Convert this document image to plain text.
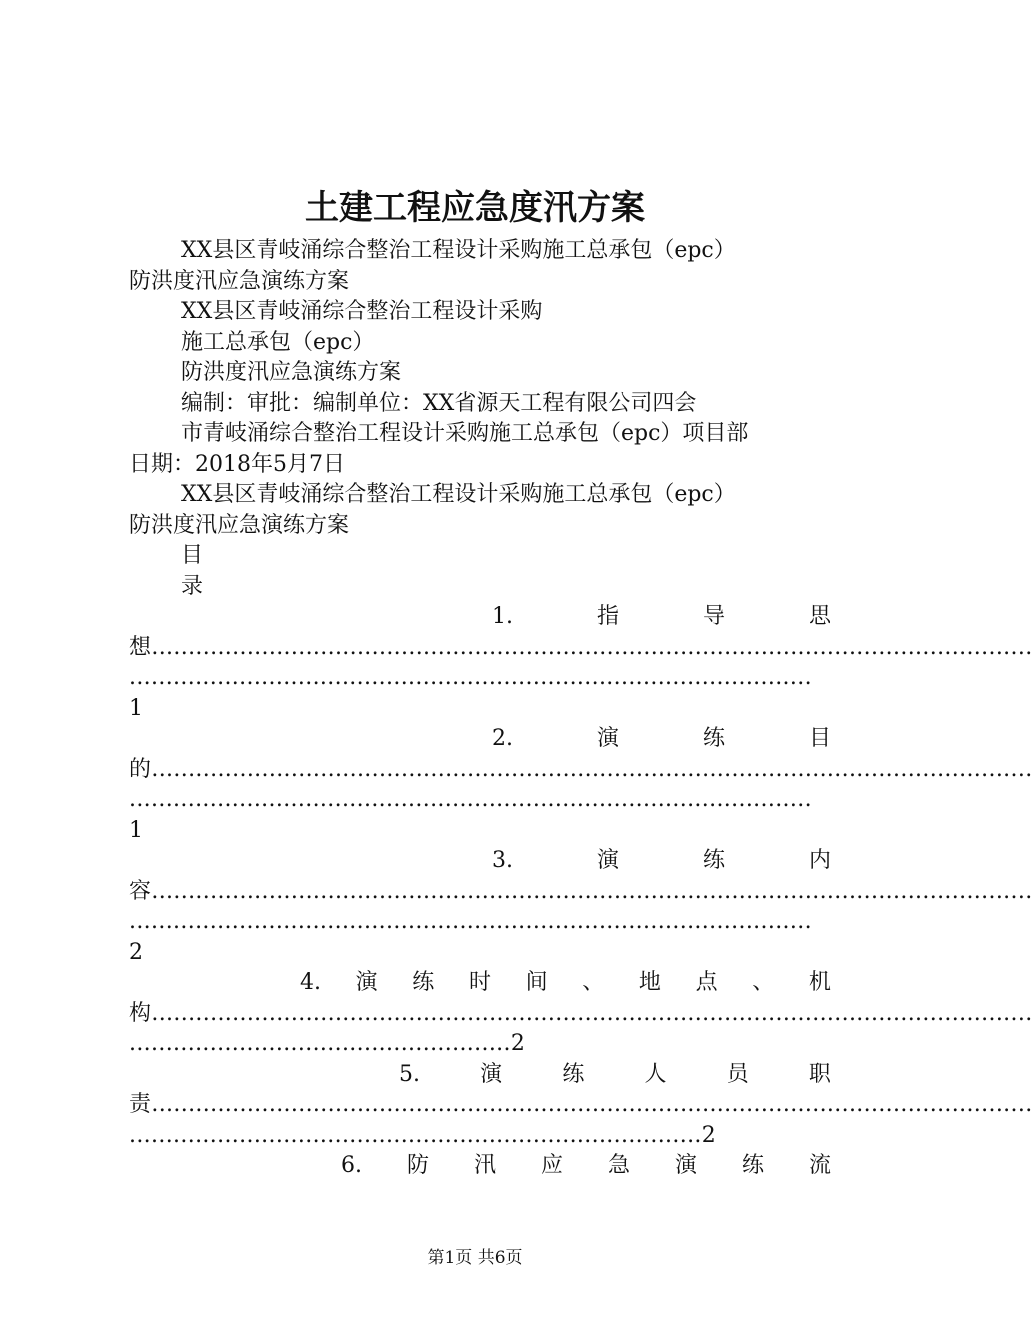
土建工程应急度汛方案
XX县区青岐涌综合整治工程设计采购施工总承包（epc）
防洪度汛应急演练方案
XX县区青岐涌综合整治工程设计采购
施工总承包（epc）
防洪度汛应急演练方案
编制：审批：编制单位：XX省源天工程有限公司四会
市青岐涌综合整治工程设计采购施工总承包（epc）项目部
日期：2018年5月7日
XX县区青岐涌综合整治工程设计采购施工总承包（epc）
防洪度汛应急演练方案
目
录
1.	指	导	思
想........................................................................................................................
.............................................................................................
1
2.	演	练	目
的........................................................................................................................
.............................................................................................
1
3.	演	练	内
容........................................................................................................................
.............................................................................................
2
4. 演 练 时 间 、 地 点 、 机
构........................................................................................................................
....................................................2
5.	演	练	人	员	职
责........................................................................................................................
..............................................................................2
6. 防 汛 应 急 演 练 流
第1页 共6页
